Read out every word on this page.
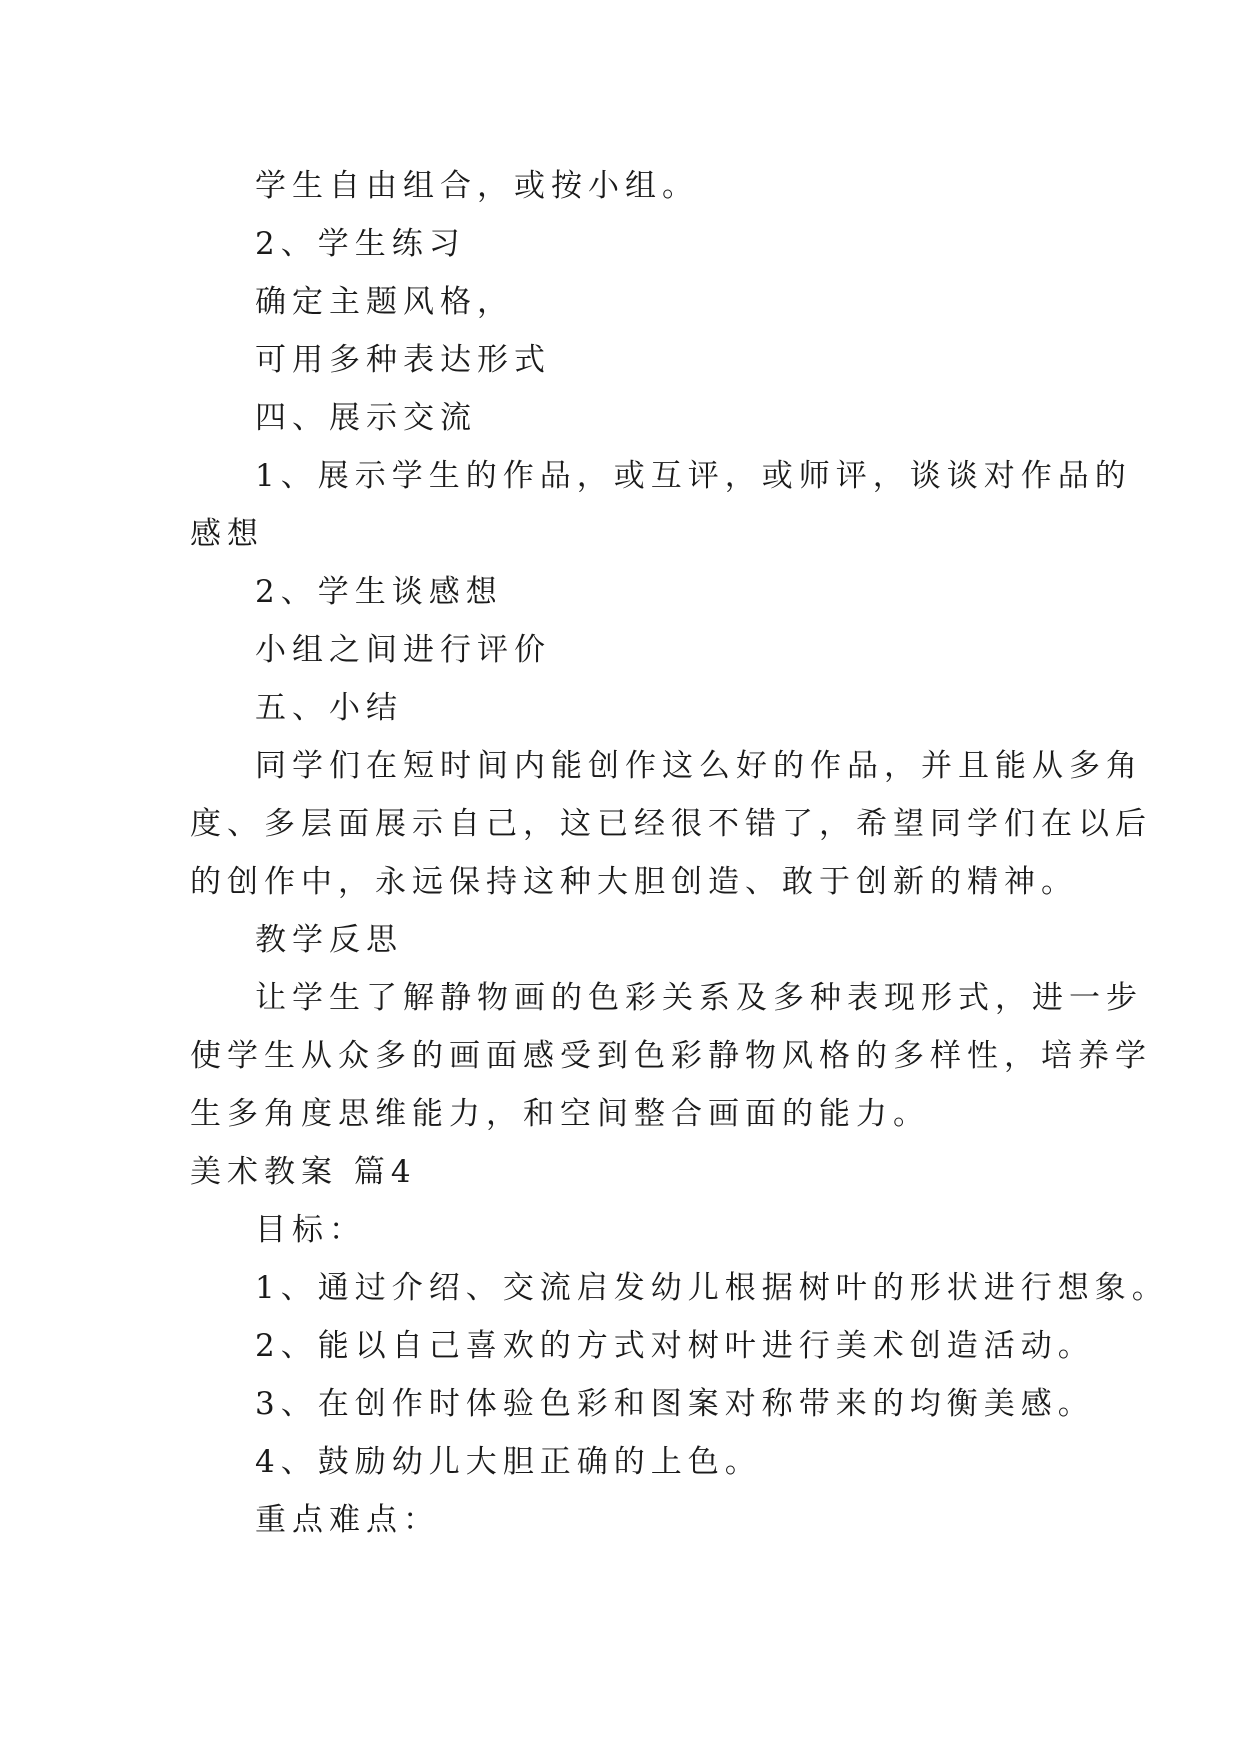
学生自由组合，或按小组。
2、学生练习
确定主题风格，
可用多种表达形式
四、展示交流
1、展示学生的作品，或互评，或师评，谈谈对作品的
感想
2、学生谈感想
小组之间进行评价
五、小结
同学们在短时间内能创作这么好的作品，并且能从多角
度、多层面展示自己，这已经很不错了，希望同学们在以后
的创作中，永远保持这种大胆创造、敢于创新的精神。
教学反思
让学生了解静物画的色彩关系及多种表现形式，进一步
使学生从众多的画面感受到色彩静物风格的多样性，培养学
生多角度思维能力，和空间整合画面的能力。
美术教案 篇4
目标：
1、通过介绍、交流启发幼儿根据树叶的形状进行想象。
2、能以自己喜欢的方式对树叶进行美术创造活动。
3、在创作时体验色彩和图案对称带来的均衡美感。
4、鼓励幼儿大胆正确的上色。
重点难点：
